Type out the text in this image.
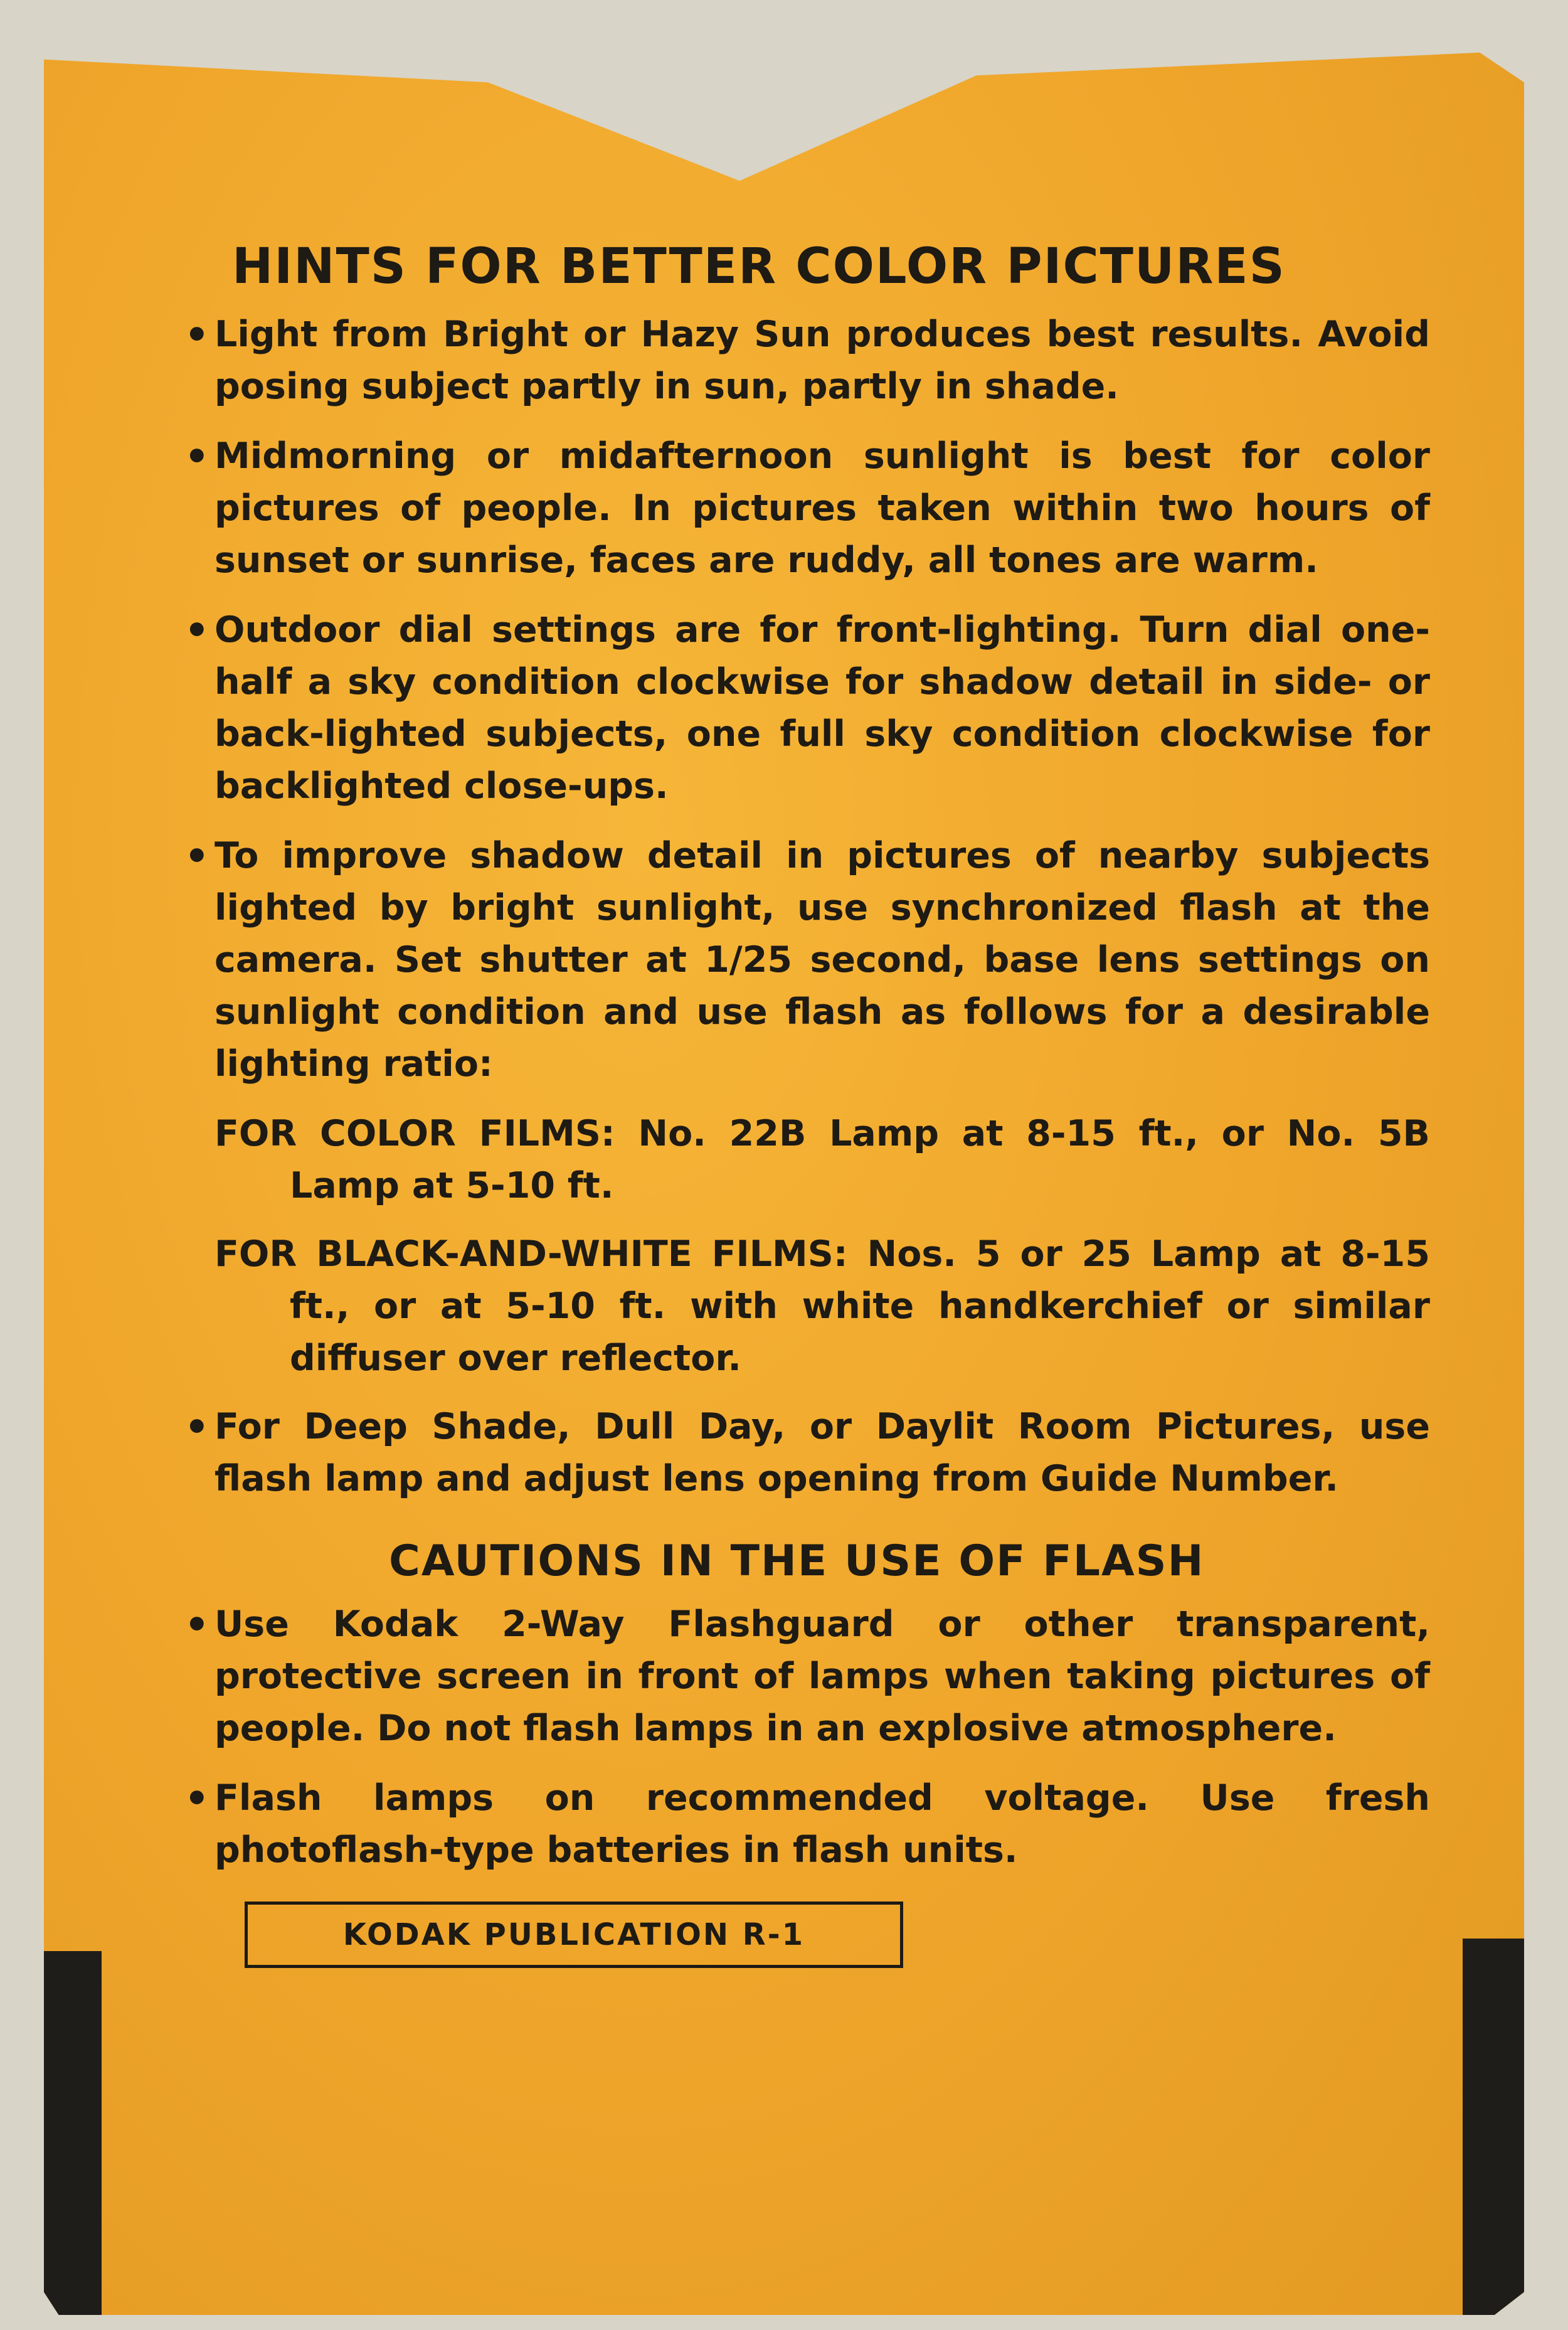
HINTS FOR BETTER COLOR PICTURES
• Light from Bright or Hazy Sun produces best results. Avoid posing subject partly in sun, partly in shade.
• Midmorning or midafternoon sunlight is best for color pictures of people. In pictures taken within two hours of sunset or sunrise, faces are ruddy, all tones are warm.
• Outdoor dial settings are for front-lighting. Turn dial one-half a sky condition clockwise for shadow detail in side- or back-lighted subjects, one full sky condition clockwise for backlighted close-ups.
• To improve shadow detail in pictures of nearby subjects lighted by bright sunlight, use synchronized flash at the camera. Set shutter at 1/25 second, base lens settings on sunlight condition and use flash as follows for a desirable lighting ratio:
FOR COLOR FILMS: No. 22B Lamp at 8-15 ft., or No. 5B Lamp at 5-10 ft.
FOR BLACK-AND-WHITE FILMS: Nos. 5 or 25 Lamp at 8-15 ft., or at 5-10 ft. with white handkerchief or similar diffuser over reflector.
• For Deep Shade, Dull Day, or Daylit Room Pictures, use flash lamp and adjust lens opening from Guide Number.
CAUTIONS IN THE USE OF FLASH
• Use Kodak 2-Way Flashguard or other transparent, protective screen in front of lamps when taking pictures of people. Do not flash lamps in an explosive atmosphere.
• Flash lamps on recommended voltage. Use fresh photoflash-type batteries in flash units.
KODAK PUBLICATION R-1
